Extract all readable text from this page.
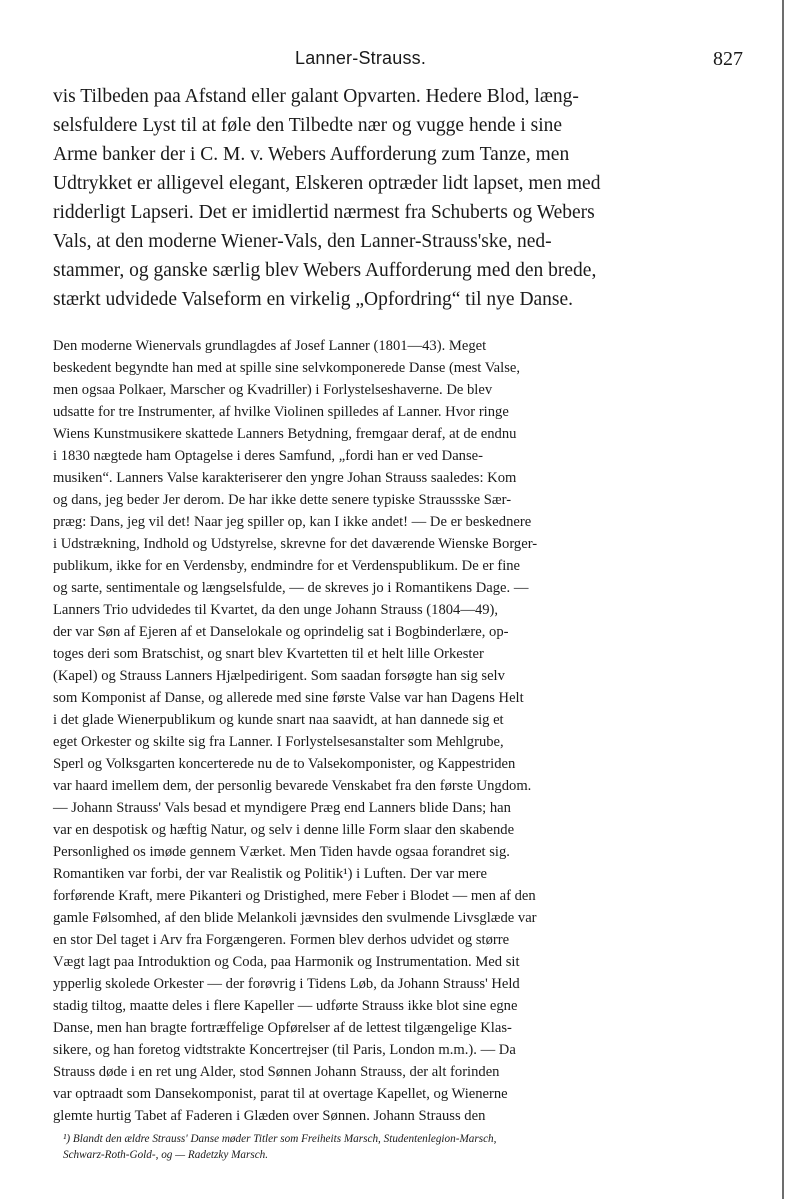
Lanner-Strauss.	827
vis Tilbeden paa Afstand eller galant Opvarten. Hedere Blod, læng-
selsfuldere Lyst til at føle den Tilbedte nær og vugge hende i sine
Arme banker der i C. M. v. Webers Aufforderung zum Tanze, men
Udtrykket er alligevel elegant, Elskeren optræder lidt lapset, men med
ridderligt Lapseri. Det er imidlertid nærmest fra Schuberts og Webers
Vals, at den moderne Wiener-Vals, den Lanner-Strauss'ske, ned-
stammer, og ganske særlig blev Webers Aufforderung med den brede,
stærkt udvidede Valseform en virkelig „Opfordring“ til nye Danse.
Den moderne Wienervals grundlagdes af Josef Lanner (1801—43). Meget
beskedent begyndte han med at spille sine selvkomponerede Danse (mest Valse,
men ogsaa Polkaer, Marscher og Kvadriller) i Forlystelseshaverne. De blev
udsatte for tre Instrumenter, af hvilke Violinen spilledes af Lanner. Hvor ringe
Wiens Kunstmusikere skattede Lanners Betydning, fremgaar deraf, at de endnu
i 1830 nægtede ham Optagelse i deres Samfund, „fordi han er ved Danse-
musiken“. Lanners Valse karakteriserer den yngre Johan Strauss saaledes: Kom
og dans, jeg beder Jer derom. De har ikke dette senere typiske Straussske Sær-
præg: Dans, jeg vil det! Naar jeg spiller op, kan I ikke andet! — De er beskednere
i Udstrækning, Indhold og Udstyrelse, skrevne for det daværende Wienske Borger-
publikum, ikke for en Verdensby, endmindre for et Verdenspublikum. De er fine
og sarte, sentimentale og længselsfulde, — de skreves jo i Romantikens Dage. —
Lanners Trio udvidedes til Kvartet, da den unge Johann Strauss (1804—49),
der var Søn af Ejeren af et Danselokale og oprindelig sat i Bogbinderlære, op-
toges deri som Bratschist, og snart blev Kvartetten til et helt lille Orkester
(Kapel) og Strauss Lanners Hjælpedirigent. Som saadan forsøgte han sig selv
som Komponist af Danse, og allerede med sine første Valse var han Dagens Helt
i det glade Wienerpublikum og kunde snart naa saavidt, at han dannede sig et
eget Orkester og skilte sig fra Lanner. I Forlystelsesanstalter som Mehlgrube,
Sperl og Volksgarten koncerterede nu de to Valsekomponister, og Kappestriden
var haard imellem dem, der personlig bevarede Venskabet fra den første Ungdom.
— Johann Strauss' Vals besad et myndigere Præg end Lanners blide Dans; han
var en despotisk og hæftig Natur, og selv i denne lille Form slaar den skabende
Personlighed os imøde gennem Værket. Men Tiden havde ogsaa forandret sig.
Romantiken var forbi, der var Realistik og Politik¹) i Luften. Der var mere
forførende Kraft, mere Pikanteri og Dristighed, mere Feber i Blodet — men af den
gamle Følsomhed, af den blide Melankoli jævnsides den svulmende Livsglæde var
en stor Del taget i Arv fra Forgængeren. Formen blev derhos udvidet og større
Vægt lagt paa Introduktion og Coda, paa Harmonik og Instrumentation. Med sit
ypperlig skolede Orkester — der forøvrig i Tidens Løb, da Johann Strauss' Held
stadig tiltog, maatte deles i flere Kapeller — udførte Strauss ikke blot sine egne
Danse, men han bragte fortræffelige Opførelser af de lettest tilgængelige Klas-
sikere, og han foretog vidtstrakte Koncertrejser (til Paris, London m.m.). — Da
Strauss døde i en ret ung Alder, stod Sønnen Johann Strauss, der alt forinden
var optraadt som Dansekomponist, parat til at overtage Kapellet, og Wienerne
glemte hurtig Tabet af Faderen i Glæden over Sønnen. Johann Strauss den
¹) Blandt den ældre Strauss' Danse møder Titler som Freiheits Marsch, Studentenlegion-Marsch,
Schwarz-Roth-Gold-, og — Radetzky Marsch.
